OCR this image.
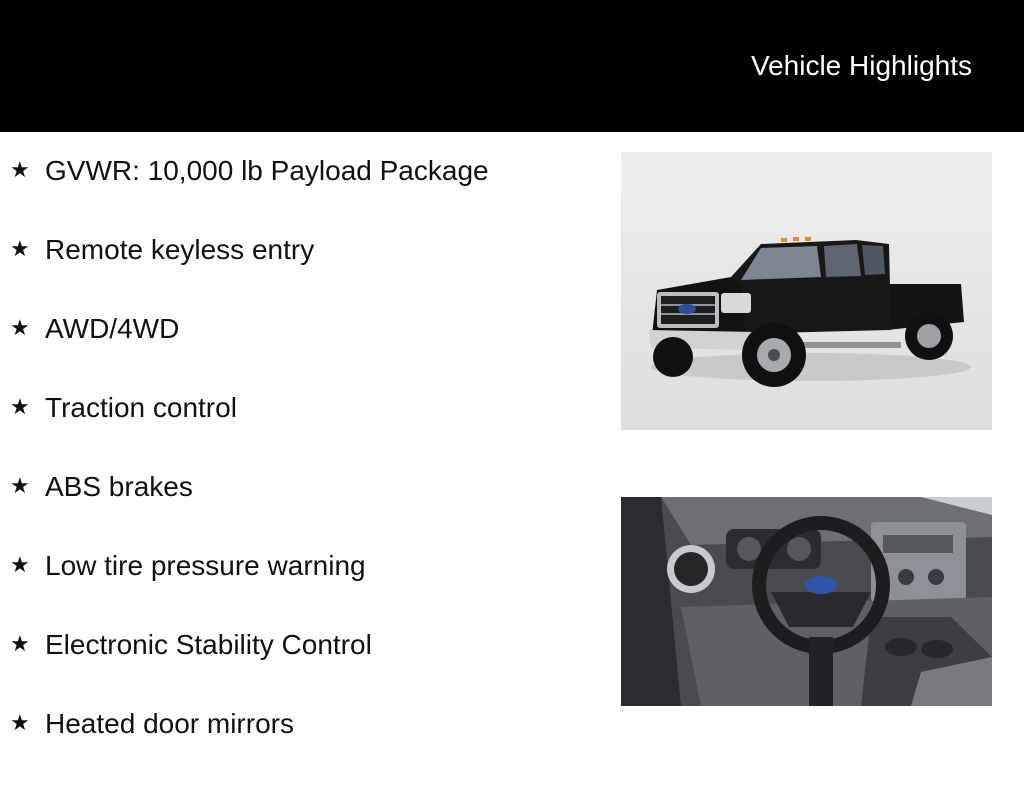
Vehicle Highlights
★ GVWR: 10,000 lb Payload Package
★ Remote keyless entry
★ AWD/4WD
★ Traction control
★ ABS brakes
★ Low tire pressure warning
★ Electronic Stability Control
★ Heated door mirrors
